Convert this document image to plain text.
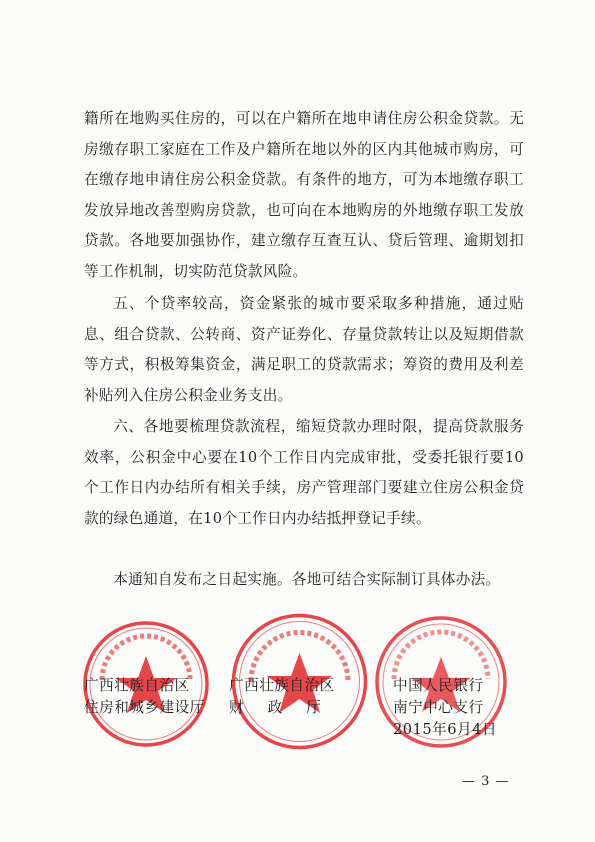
籍所在地购买住房的，可以在户籍所在地申请住房公积金贷款。无房缴存职工家庭在工作及户籍所在地以外的区内其他城市购房，可在缴存地申请住房公积金贷款。有条件的地方，可为本地缴存职工发放异地改善型购房贷款，也可向在本地购房的外地缴存职工发放贷款。各地要加强协作，建立缴存互查互认、贷后管理、逾期划扣等工作机制，切实防范贷款风险。

五、个贷率较高，资金紧张的城市要采取多种措施，通过贴息、组合贷款、公转商、资产证券化、存量贷款转让以及短期借款等方式，积极筹集资金，满足职工的贷款需求；筹资的费用及利差补贴列入住房公积金业务支出。

六、各地要梳理贷款流程，缩短贷款办理时限，提高贷款服务效率，公积金中心要在10个工作日内完成审批，受委托银行要10个工作日内办结所有相关手续，房产管理部门要建立住房公积金贷款的绿色通道，在10个工作日内办结抵押登记手续。

本通知自发布之日起实施。各地可结合实际制订具体办法。

广西壮族自治区
住房和城乡建设厅
广西壮族自治区
财政厅
中国人民银行
南宁中心支行
2015年6月4日
— 3 —
